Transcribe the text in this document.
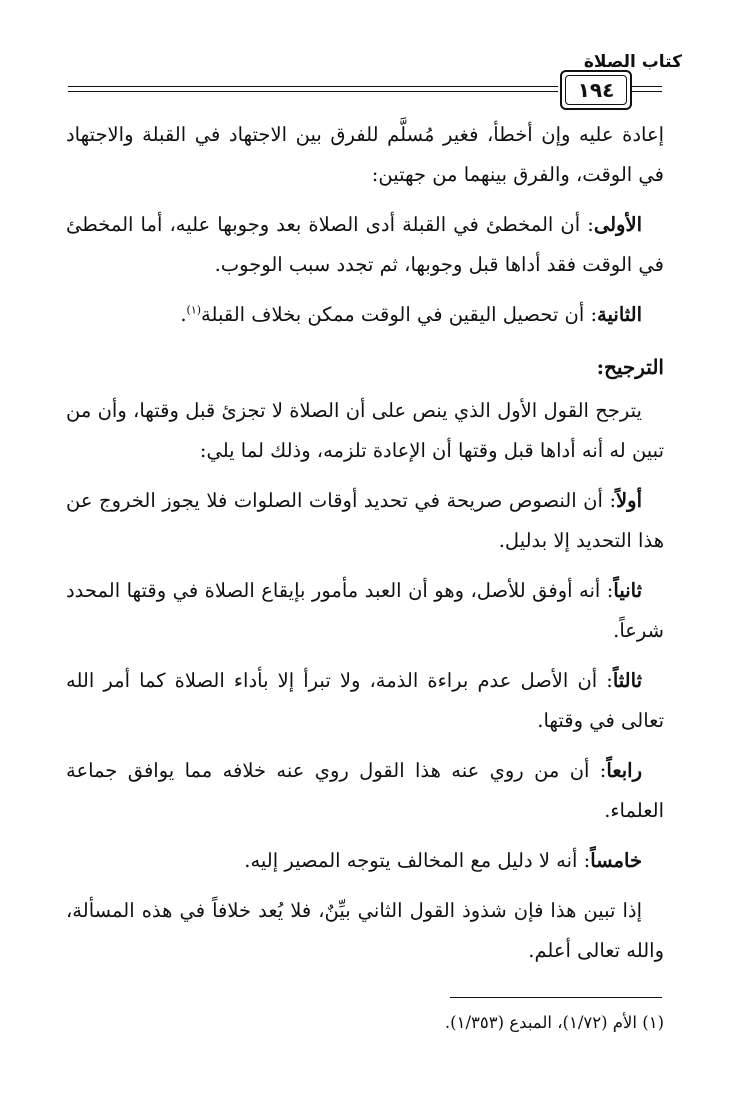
كتاب الصلاة
١٩٤

إعادة عليه وإن أخطأ، فغير مُسلَّم للفرق بين الاجتهاد في القبلة والاجتهاد في الوقت، والفرق بينهما من جهتين:

الأولى: أن المخطئ في القبلة أدى الصلاة بعد وجوبها عليه، أما المخطئ في الوقت فقد أداها قبل وجوبها، ثم تجدد سبب الوجوب.

الثانية: أن تحصيل اليقين في الوقت ممكن بخلاف القبلة$^{(١)}$.

الترجيح:

يترجح القول الأول الذي ينص على أن الصلاة لا تجزئ قبل وقتها، وأن من تبين له أنه أداها قبل وقتها أن الإعادة تلزمه، وذلك لما يلي:

أولاً: أن النصوص صريحة في تحديد أوقات الصلوات فلا يجوز الخروج عن هذا التحديد إلا بدليل.

ثانياً: أنه أوفق للأصل، وهو أن العبد مأمور بإيقاع الصلاة في وقتها المحدد شرعاً.

ثالثاً: أن الأصل عدم براءة الذمة، ولا تبرأ إلا بأداء الصلاة كما أمر الله تعالى في وقتها.

رابعاً: أن من روي عنه هذا القول روي عنه خلافه مما يوافق جماعة العلماء.

خامساً: أنه لا دليل مع المخالف يتوجه المصير إليه.

إذا تبين هذا فإن شذوذ القول الثاني بيِّنٌ، فلا يُعد خلافاً في هذه المسألة، والله تعالى أعلم.

(١) الأم (١/٧٢)، المبدع (١/٣٥٣).
